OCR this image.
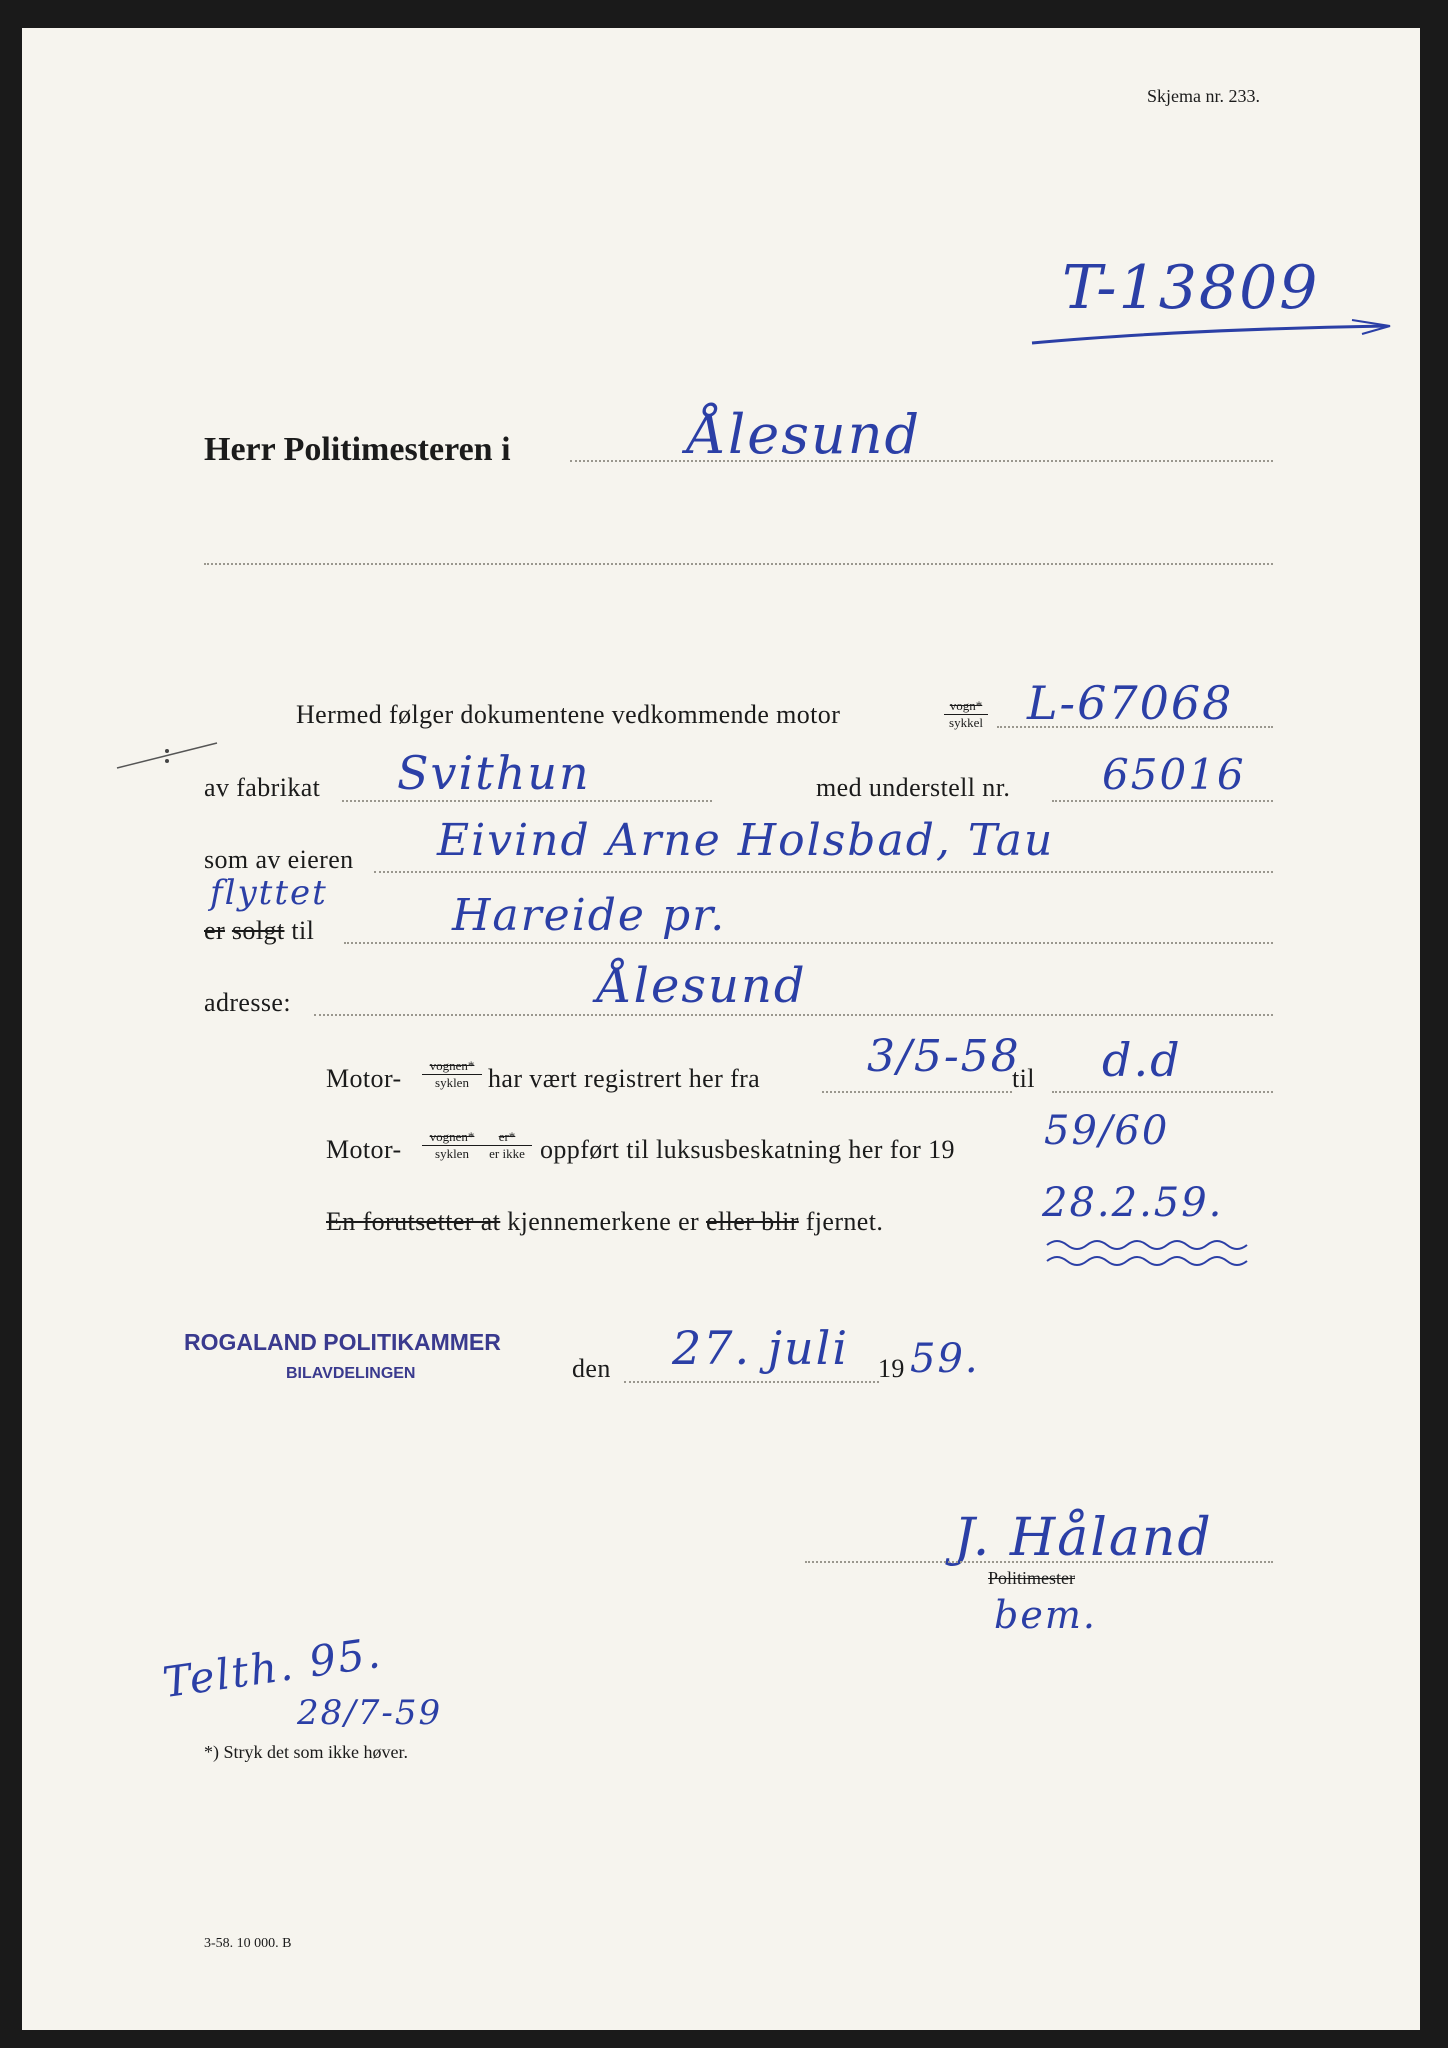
Skjema nr. 233.
T-13809
Herr Politimesteren i	Ålesund
Hermed følger dokumentene vedkommende motor	vogn*
sykkel L-67068
av fabrikat Svithun	med understell nr. 65016
som av eieren Eivind Arne Holsbad, Tau
flyttet
er solgt til	Hareide pr.
adresse:	Ålesund
Motor-	vognen*
syklen har vært registrert her fra 3/5-58
til d.d
Motor-	vognen*
syklen
er*
er ikke oppført til luksusbeskatning her for 19 59/60
En forutsetter at kjennemerkene er eller blir fjernet.	28.2.59.
ROGALAND POLITIKAMMER
BILAVDELINGEN	den 27. juli 19 59.
J. Håland
Politimester
bem.
Telth. 95.
28/7-59
*) Stryk det som ikke høver.
3-58. 10 000. B
